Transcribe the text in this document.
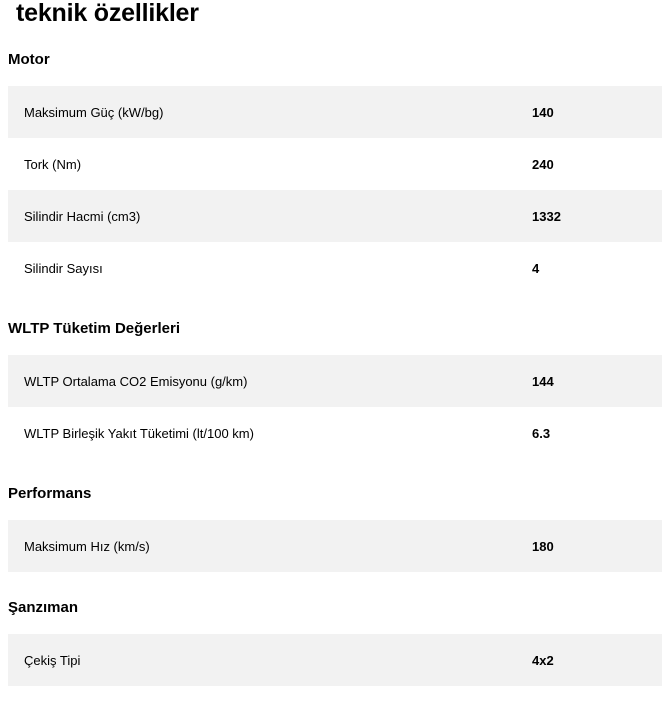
teknik özellikler
Motor
Maksimum Güç (kW/bg)	140
Tork (Nm)	240
Silindir Hacmi (cm3)	1332
Silindir Sayısı	4
WLTP Tüketim Değerleri
WLTP Ortalama CO2 Emisyonu (g/km)	144
WLTP Birleşik Yakıt Tüketimi (lt/100 km)	6.3
Performans
Maksimum Hız (km/s)	180
Şanzıman
Çekiş Tipi	4x2
